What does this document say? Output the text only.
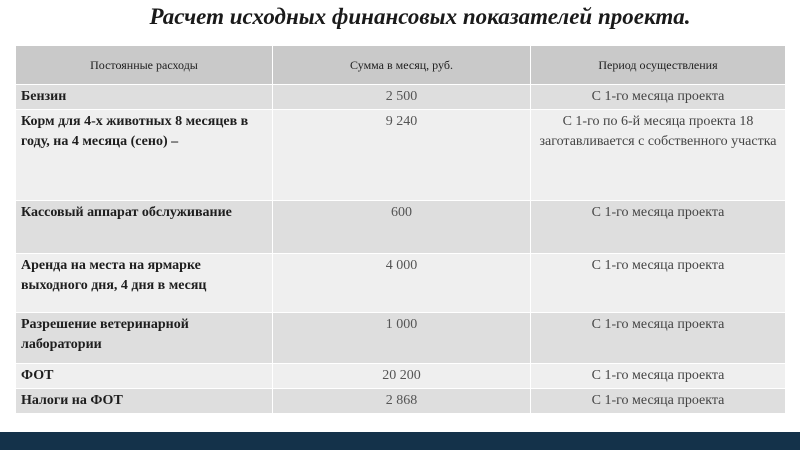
Расчет исходных финансовых показателей проекта.
Постоянные расходы	Сумма в месяц, руб.	Период осуществления
Бензин	2 500	С 1-го месяца проекта
Корм для 4-х животных 8 месяцев в году, на 4 месяца (сено) –	9 240	С 1-го по 6-й месяца проекта 18 заготавливается с собственного участка
Кассовый аппарат обслуживание	600	С 1-го месяца проекта
Аренда на места на ярмарке выходного дня, 4 дня в месяц	4 000	С 1-го месяца проекта
Разрешение ветеринарной лаборатории	1 000	С 1-го месяца проекта
ФОТ	20 200	С 1-го месяца проекта
Налоги на ФОТ	2 868	С 1-го месяца проекта
